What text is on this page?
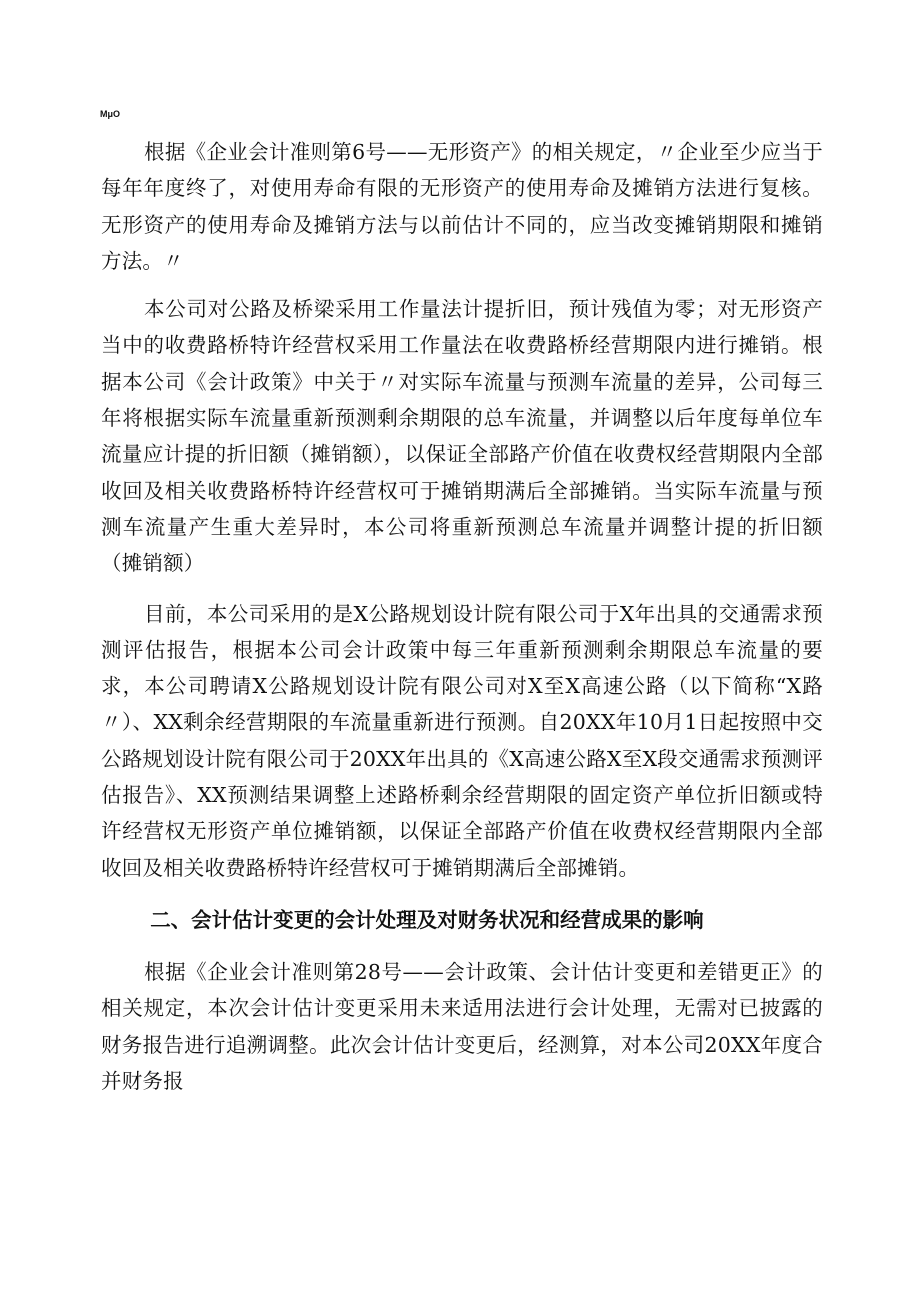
MμO

根据《企业会计准则第6号——无形资产》的相关规定，〃企业至少应当于每年年度终了，对使用寿命有限的无形资产的使用寿命及摊销方法进行复核。无形资产的使用寿命及摊销方法与以前估计不同的，应当改变摊销期限和摊销方法。〃

本公司对公路及桥梁采用工作量法计提折旧，预计残值为零；对无形资产当中的收费路桥特许经营权采用工作量法在收费路桥经营期限内进行摊销。根据本公司《会计政策》中关于〃对实际车流量与预测车流量的差异，公司每三年将根据实际车流量重新预测剩余期限的总车流量，并调整以后年度每单位车流量应计提的折旧额（摊销额），以保证全部路产价值在收费权经营期限内全部收回及相关收费路桥特许经营权可于摊销期满后全部摊销。当实际车流量与预测车流量产生重大差异时，本公司将重新预测总车流量并调整计提的折旧额（摊销额）

目前，本公司采用的是X公路规划设计院有限公司于X年出具的交通需求预测评估报告，根据本公司会计政策中每三年重新预测剩余期限总车流量的要求，本公司聘请X公路规划设计院有限公司对X至X高速公路（以下简称“X路〃）、XX剩余经营期限的车流量重新进行预测。自20XX年10月1日起按照中交公路规划设计院有限公司于20XX年出具的《X高速公路X至X段交通需求预测评估报告》、XX预测结果调整上述路桥剩余经营期限的固定资产单位折旧额或特许经营权无形资产单位摊销额，以保证全部路产价值在收费权经营期限内全部收回及相关收费路桥特许经营权可于摊销期满后全部摊销。

二、会计估计变更的会计处理及对财务状况和经营成果的影响

根据《企业会计准则第28号——会计政策、会计估计变更和差错更正》的相关规定，本次会计估计变更采用未来适用法进行会计处理，无需对已披露的财务报告进行追溯调整。此次会计估计变更后，经测算，对本公司20XX年度合并财务报
